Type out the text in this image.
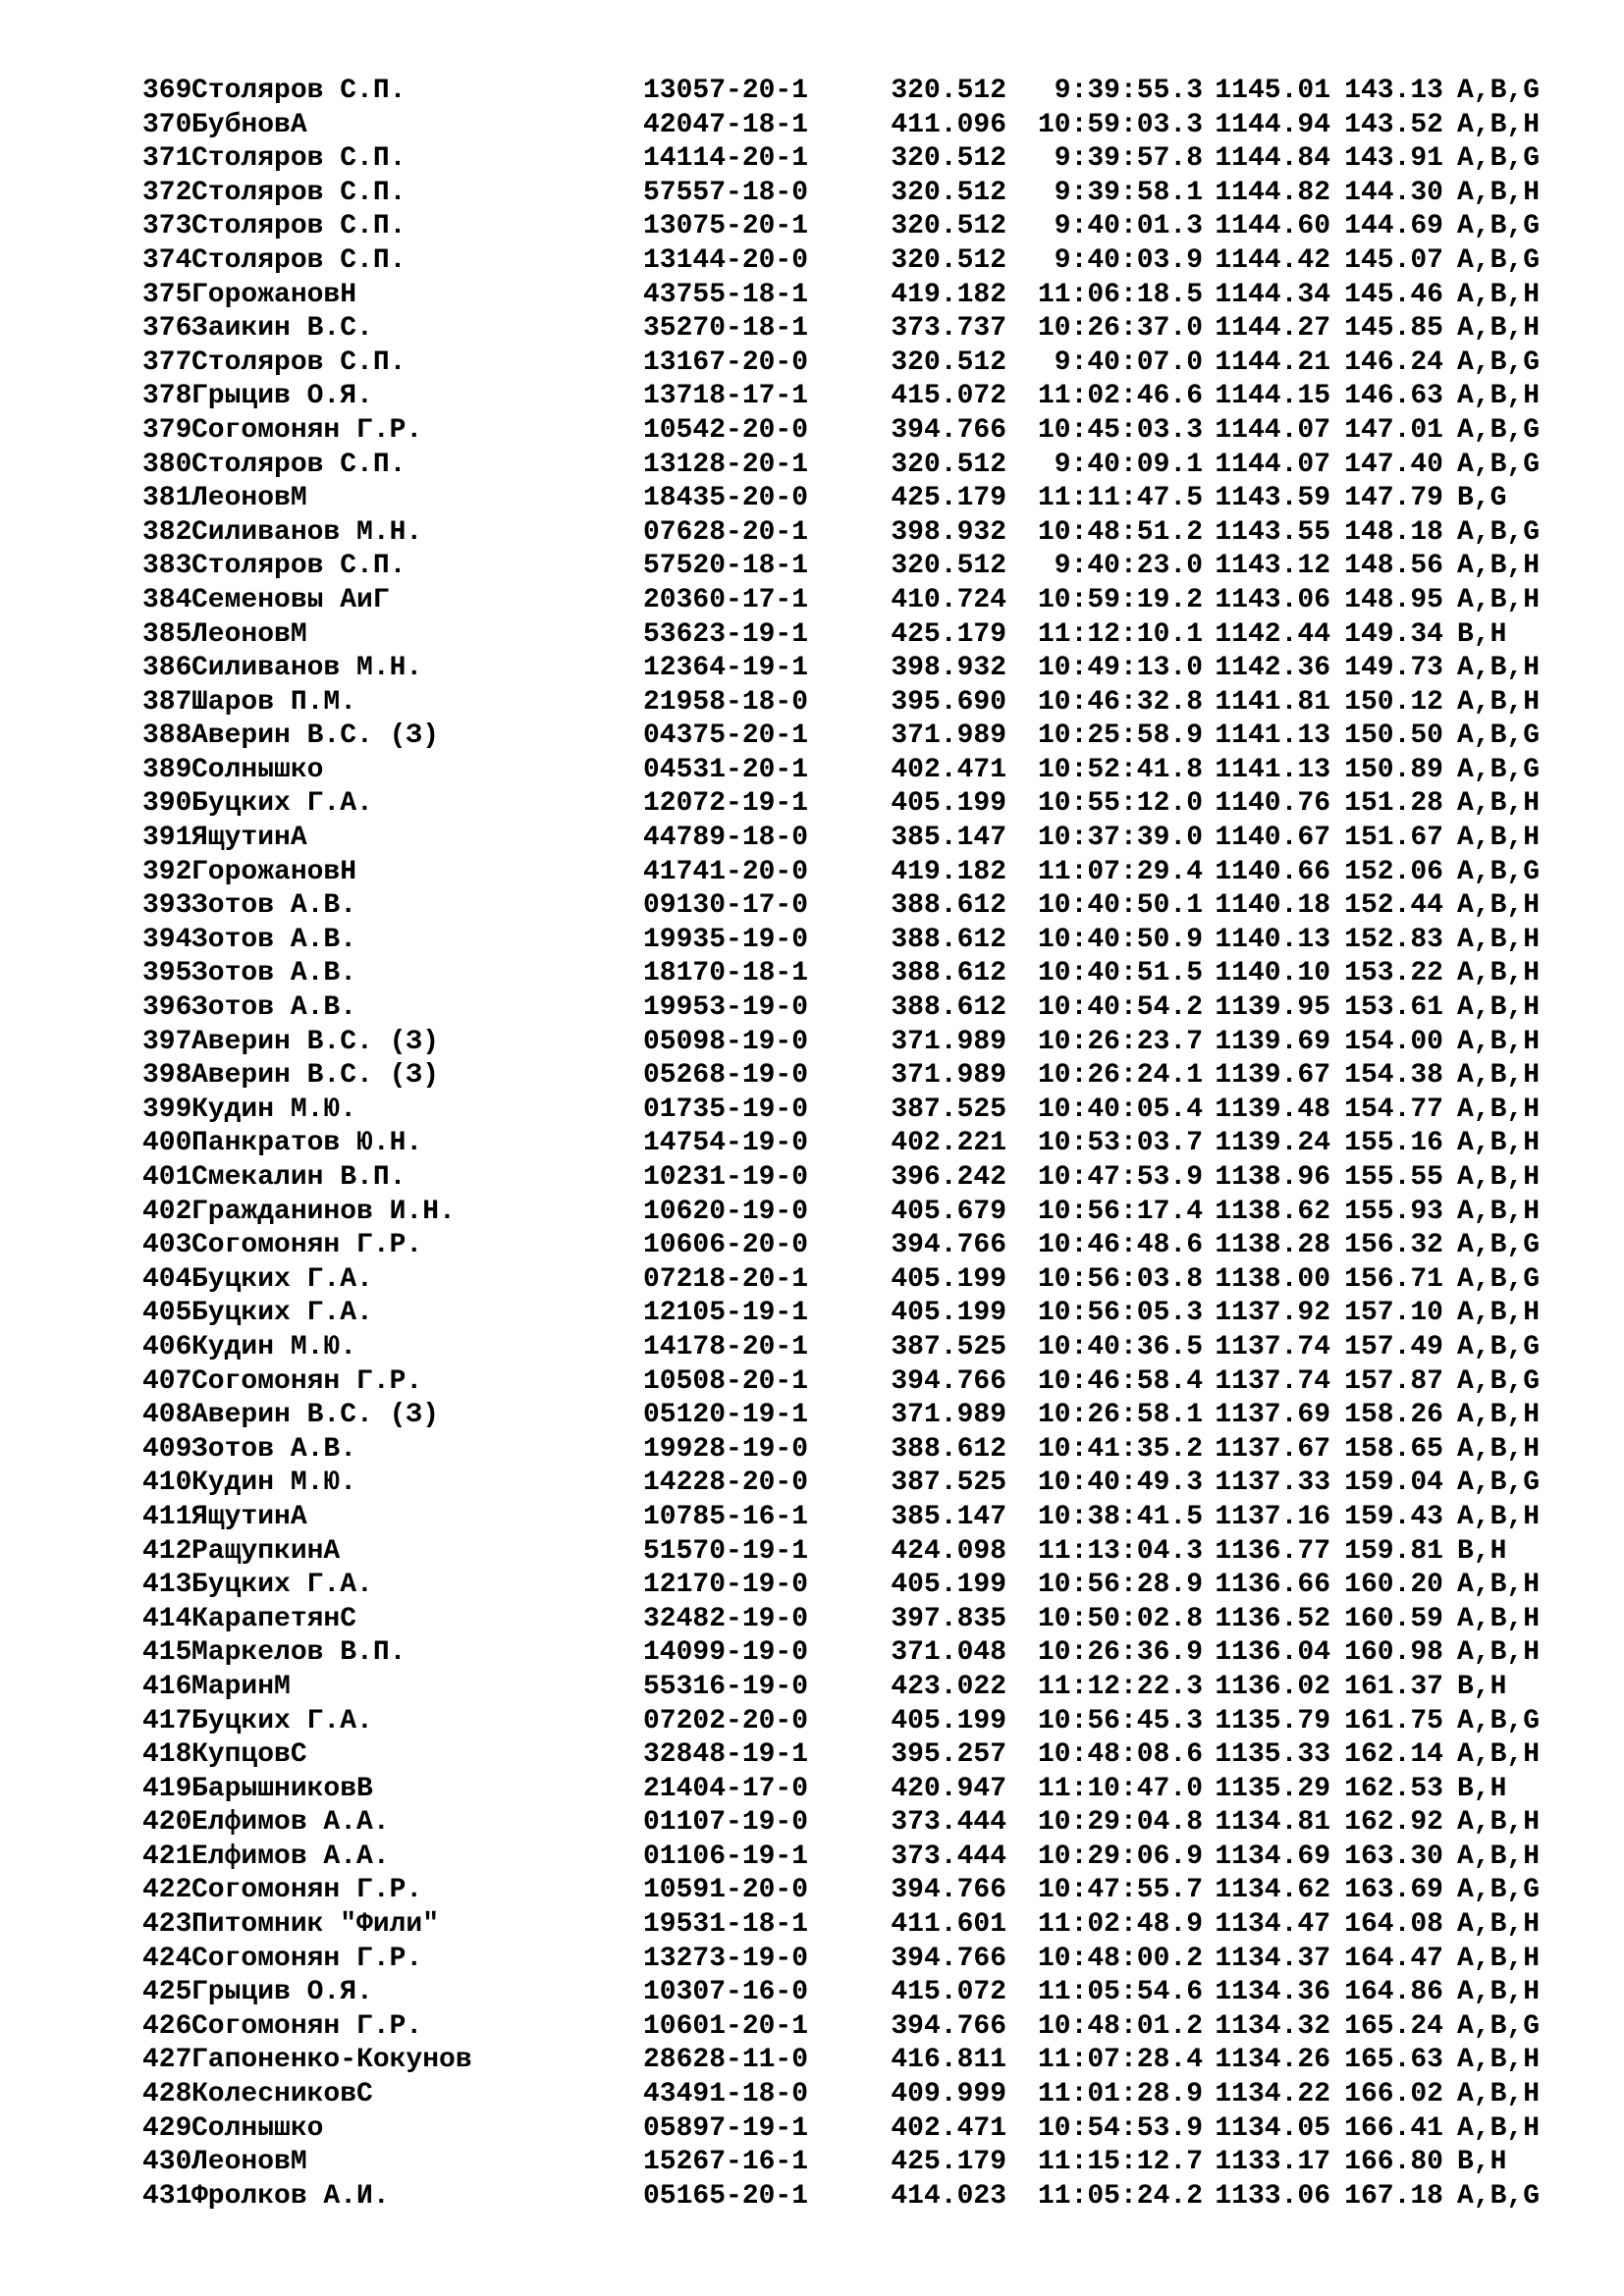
369Столяров С.П.	13057-20-1	320.512 9:39:55.3 1145.01 143.13 A,B,G
370БубновА	42047-18-1	411.096 10:59:03.3 1144.94 143.52 A,B,H
371Столяров С.П.	14114-20-1	320.512 9:39:57.8 1144.84 143.91 A,B,G
372Столяров С.П.	57557-18-0	320.512 9:39:58.1 1144.82 144.30 A,B,H
373Столяров С.П.	13075-20-1	320.512 9:40:01.3 1144.60 144.69 A,B,G
374Столяров С.П.	13144-20-0	320.512 9:40:03.9 1144.42 145.07 A,B,G
375ГорожановН	43755-18-1	419.182 11:06:18.5 1144.34 145.46 A,B,H
376Заикин В.С.	35270-18-1	373.737 10:26:37.0 1144.27 145.85 A,B,H
377Столяров С.П.	13167-20-0	320.512 9:40:07.0 1144.21 146.24 A,B,G
378Грыцив О.Я.	13718-17-1	415.072 11:02:46.6 1144.15 146.63 A,B,H
379Согомонян Г.Р.	10542-20-0	394.766 10:45:03.3 1144.07 147.01 A,B,G
380Столяров С.П.	13128-20-1	320.512 9:40:09.1 1144.07 147.40 A,B,G
381ЛеоновМ	18435-20-0	425.179 11:11:47.5 1143.59 147.79 B,G
382Силиванов М.Н.	07628-20-1	398.932 10:48:51.2 1143.55 148.18 A,B,G
383Столяров С.П.	57520-18-1	320.512 9:40:23.0 1143.12 148.56 A,B,H
384Семеновы АиГ	20360-17-1	410.724 10:59:19.2 1143.06 148.95 A,B,H
385ЛеоновМ	53623-19-1	425.179 11:12:10.1 1142.44 149.34 B,H
386Силиванов М.Н.	12364-19-1	398.932 10:49:13.0 1142.36 149.73 A,B,H
387Шаров П.М.	21958-18-0	395.690 10:46:32.8 1141.81 150.12 A,B,H
388Аверин В.С. (З)	04375-20-1	371.989 10:25:58.9 1141.13 150.50 A,B,G
389Солнышко	04531-20-1	402.471 10:52:41.8 1141.13 150.89 A,B,G
390Буцких Г.А.	12072-19-1	405.199 10:55:12.0 1140.76 151.28 A,B,H
391ЯщутинА	44789-18-0	385.147 10:37:39.0 1140.67 151.67 A,B,H
392ГорожановН	41741-20-0	419.182 11:07:29.4 1140.66 152.06 A,B,G
393Зотов А.В.	09130-17-0	388.612 10:40:50.1 1140.18 152.44 A,B,H
394Зотов А.В.	19935-19-0	388.612 10:40:50.9 1140.13 152.83 A,B,H
395Зотов А.В.	18170-18-1	388.612 10:40:51.5 1140.10 153.22 A,B,H
396Зотов А.В.	19953-19-0	388.612 10:40:54.2 1139.95 153.61 A,B,H
397Аверин В.С. (З)	05098-19-0	371.989 10:26:23.7 1139.69 154.00 A,B,H
398Аверин В.С. (З)	05268-19-0	371.989 10:26:24.1 1139.67 154.38 A,B,H
399Кудин М.Ю.	01735-19-0	387.525 10:40:05.4 1139.48 154.77 A,B,H
400Панкратов Ю.Н.	14754-19-0	402.221 10:53:03.7 1139.24 155.16 A,B,H
401Смекалин В.П.	10231-19-0	396.242 10:47:53.9 1138.96 155.55 A,B,H
402Гражданинов И.Н.	10620-19-0	405.679 10:56:17.4 1138.62 155.93 A,B,H
403Согомонян Г.Р.	10606-20-0	394.766 10:46:48.6 1138.28 156.32 A,B,G
404Буцких Г.А.	07218-20-1	405.199 10:56:03.8 1138.00 156.71 A,B,G
405Буцких Г.А.	12105-19-1	405.199 10:56:05.3 1137.92 157.10 A,B,H
406Кудин М.Ю.	14178-20-1	387.525 10:40:36.5 1137.74 157.49 A,B,G
407Согомонян Г.Р.	10508-20-1	394.766 10:46:58.4 1137.74 157.87 A,B,G
408Аверин В.С. (З)	05120-19-1	371.989 10:26:58.1 1137.69 158.26 A,B,H
409Зотов А.В.	19928-19-0	388.612 10:41:35.2 1137.67 158.65 A,B,H
410Кудин М.Ю.	14228-20-0	387.525 10:40:49.3 1137.33 159.04 A,B,G
411ЯщутинА	10785-16-1	385.147 10:38:41.5 1137.16 159.43 A,B,H
412РащупкинА	51570-19-1	424.098 11:13:04.3 1136.77 159.81 B,H
413Буцких Г.А.	12170-19-0	405.199 10:56:28.9 1136.66 160.20 A,B,H
414КарапетянС	32482-19-0	397.835 10:50:02.8 1136.52 160.59 A,B,H
415Маркелов В.П.	14099-19-0	371.048 10:26:36.9 1136.04 160.98 A,B,H
416МаринМ	55316-19-0	423.022 11:12:22.3 1136.02 161.37 B,H
417Буцких Г.А.	07202-20-0	405.199 10:56:45.3 1135.79 161.75 A,B,G
418КупцовС	32848-19-1	395.257 10:48:08.6 1135.33 162.14 A,B,H
419БарышниковВ	21404-17-0	420.947 11:10:47.0 1135.29 162.53 B,H
420Елфимов А.А.	01107-19-0	373.444 10:29:04.8 1134.81 162.92 A,B,H
421Елфимов А.А.	01106-19-1	373.444 10:29:06.9 1134.69 163.30 A,B,H
422Согомонян Г.Р.	10591-20-0	394.766 10:47:55.7 1134.62 163.69 A,B,G
423Питомник "Фили"	19531-18-1	411.601 11:02:48.9 1134.47 164.08 A,B,H
424Согомонян Г.Р.	13273-19-0	394.766 10:48:00.2 1134.37 164.47 A,B,H
425Грыцив О.Я.	10307-16-0	415.072 11:05:54.6 1134.36 164.86 A,B,H
426Согомонян Г.Р.	10601-20-1	394.766 10:48:01.2 1134.32 165.24 A,B,G
427Гапоненко-Кокунов	28628-11-0	416.811 11:07:28.4 1134.26 165.63 A,B,H
428КолесниковС	43491-18-0	409.999 11:01:28.9 1134.22 166.02 A,B,H
429Солнышко	05897-19-1	402.471 10:54:53.9 1134.05 166.41 A,B,H
430ЛеоновМ	15267-16-1	425.179 11:15:12.7 1133.17 166.80 B,H
431Фролков А.И.	05165-20-1	414.023 11:05:24.2 1133.06 167.18 A,B,G
